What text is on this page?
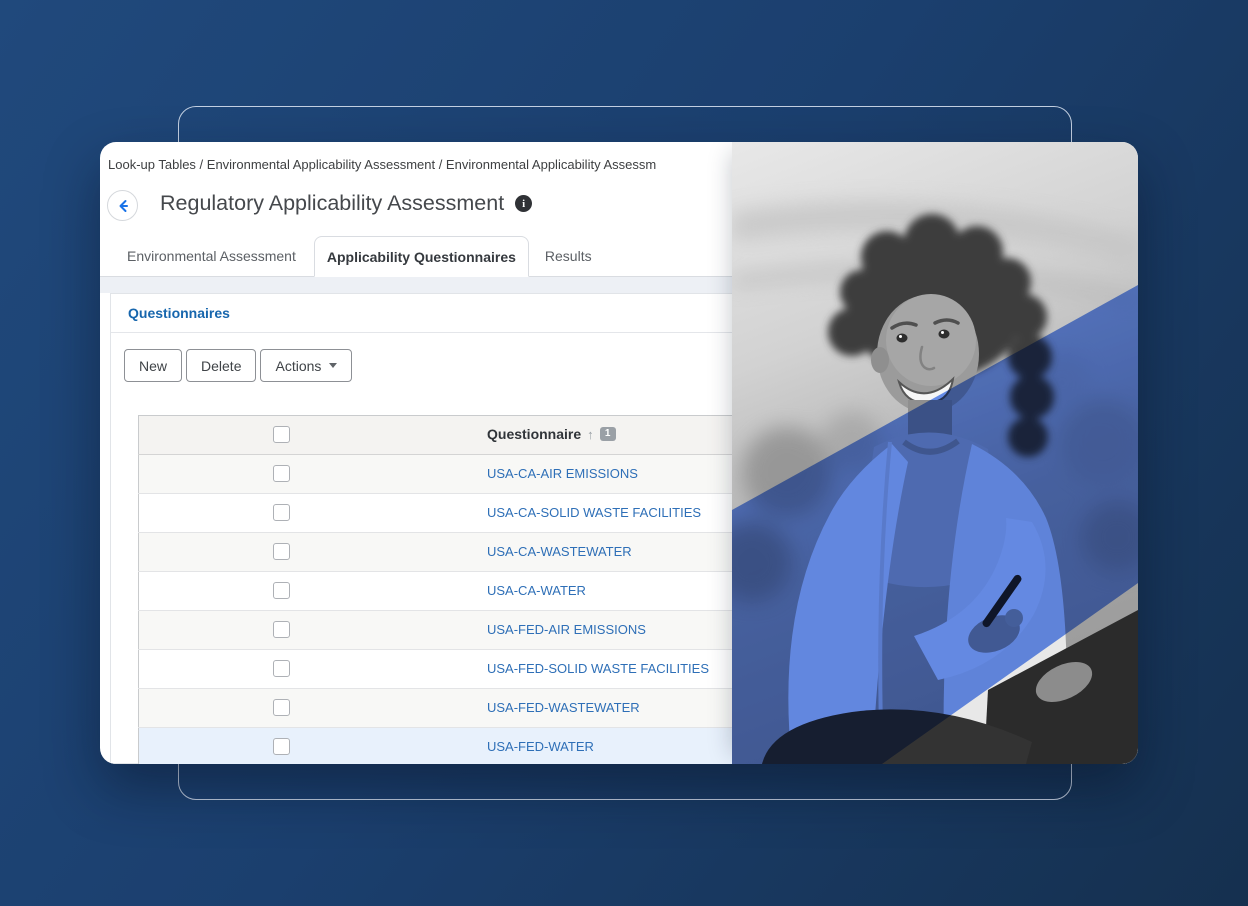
Look-up Tables / Environmental Applicability Assessment / Environmental Applicability Assessm
Regulatory Applicability Assessment
i
Environmental Assessment	Applicability Questionnaires	Results
Questionnaires
New	Delete	Actions

	Questionnaire ↑ 1

	USA-CA-AIR EMISSIONS
	USA-CA-SOLID WASTE FACILITIES
	USA-CA-WASTEWATER
	USA-CA-WATER
	USA-FED-AIR EMISSIONS
	USA-FED-SOLID WASTE FACILITIES
	USA-FED-WASTEWATER
	USA-FED-WATER
